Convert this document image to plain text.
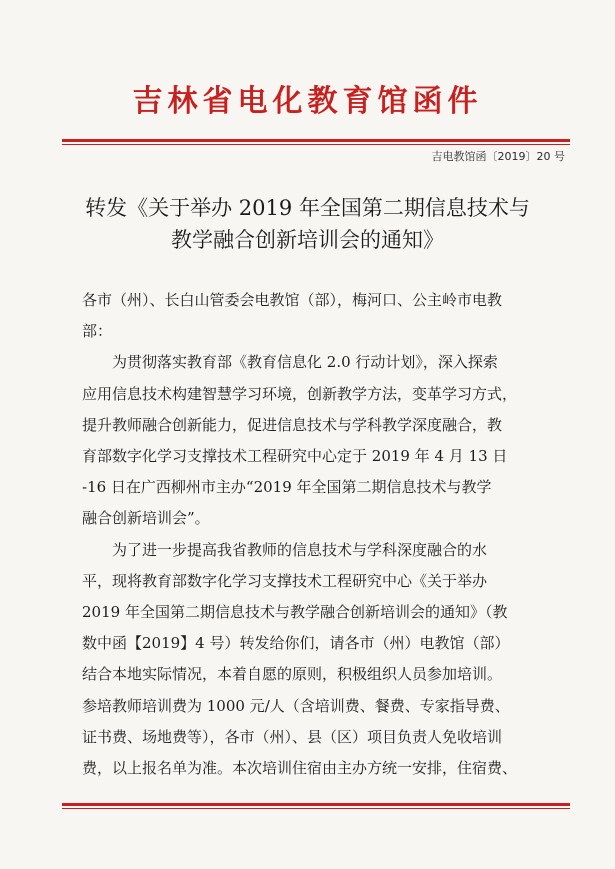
吉林省电化教育馆函件
吉电教馆函〔2019〕20 号
转发《关于举办 2019 年全国第二期信息技术与
教学融合创新培训会的通知》

各市（州）、长白山管委会电教馆（部），梅河口、公主岭市电教
部：

为贯彻落实教育部《教育信息化 2.0 行动计划》，深入探索
应用信息技术构建智慧学习环境，创新教学方法，变革学习方式，
提升教师融合创新能力，促进信息技术与学科教学深度融合，教
育部数字化学习支撑技术工程研究中心定于 2019 年 4 月 13 日
-16 日在广西柳州市主办“2019 年全国第二期信息技术与教学
融合创新培训会”。

为了进一步提高我省教师的信息技术与学科深度融合的水
平，现将教育部数字化学习支撑技术工程研究中心《关于举办
2019 年全国第二期信息技术与教学融合创新培训会的通知》（教
数中函【2019】4 号）转发给你们，请各市（州）电教馆（部）
结合本地实际情况，本着自愿的原则，积极组织人员参加培训。
参培教师培训费为 1000 元/人（含培训费、餐费、专家指导费、
证书费、场地费等），各市（州）、县（区）项目负责人免收培训
费，以上报名单为准。本次培训住宿由主办方统一安排，住宿费、
